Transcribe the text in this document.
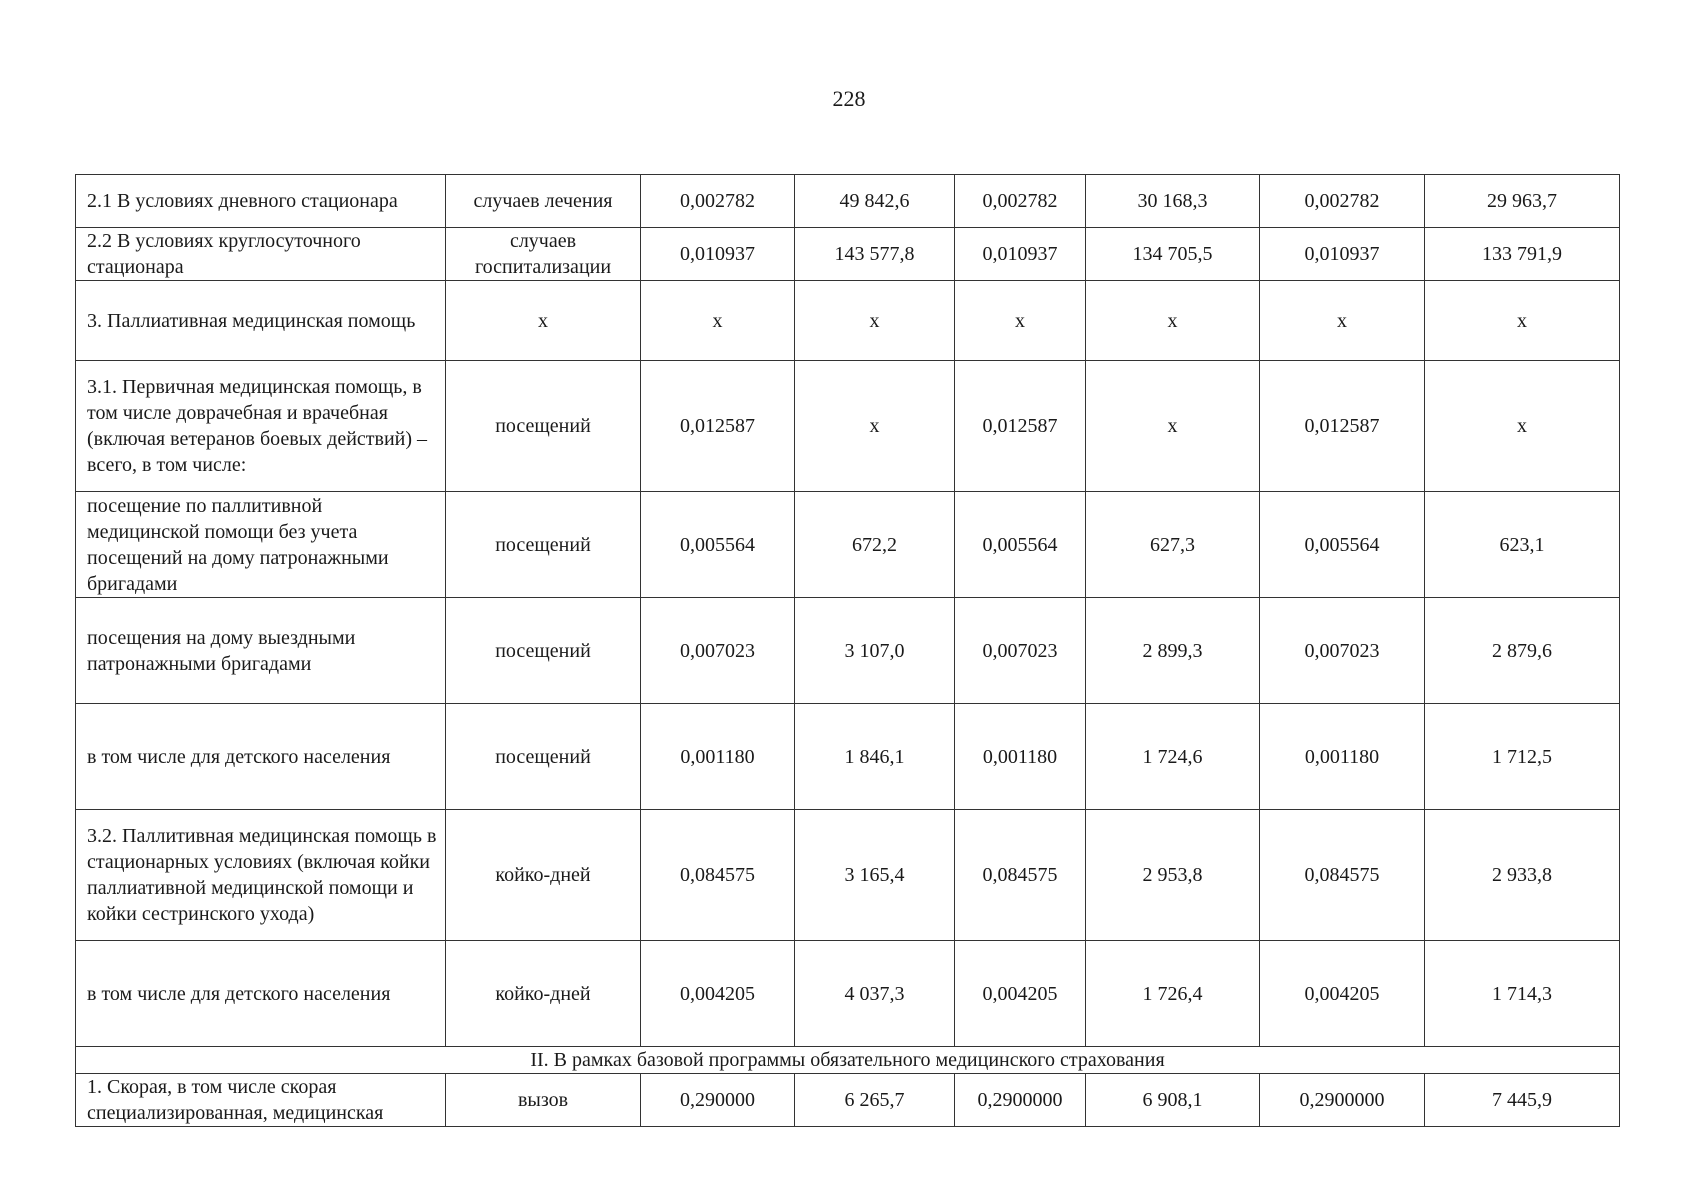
228
2.1 В условиях дневного стационара	случаев лечения	0,002782	49 842,6	0,002782	30 168,3	0,002782	29 963,7
2.2 В условиях круглосуточного стационара	случаев госпитализации	0,010937	143 577,8	0,010937	134 705,5	0,010937	133 791,9
3. Паллиативная медицинская помощь	х	х	х	х	х	х	х
3.1. Первичная медицинская помощь, в том числе доврачебная и врачебная (включая ветеранов боевых действий) – всего, в том числе:	посещений	0,012587	х	0,012587	х	0,012587	х
посещение по паллитивной медицинской помощи без учета посещений на дому патронажными бригадами	посещений	0,005564	672,2	0,005564	627,3	0,005564	623,1
посещения на дому выездными патронажными бригадами	посещений	0,007023	3 107,0	0,007023	2 899,3	0,007023	2 879,6
в том числе для детского населения	посещений	0,001180	1 846,1	0,001180	1 724,6	0,001180	1 712,5
3.2. Паллитивная медицинская помощь в стационарных условиях (включая койки паллиативной медицинской помощи и койки сестринского ухода)	койко-дней	0,084575	3 165,4	0,084575	2 953,8	0,084575	2 933,8
в том числе для детского населения	койко-дней	0,004205	4 037,3	0,004205	1 726,4	0,004205	1 714,3
II. В рамках базовой программы обязательного медицинского страхования							
1. Скорая, в том числе скорая специализированная, медицинская	вызов	0,290000	6 265,7	0,2900000	6 908,1	0,2900000	7 445,9
